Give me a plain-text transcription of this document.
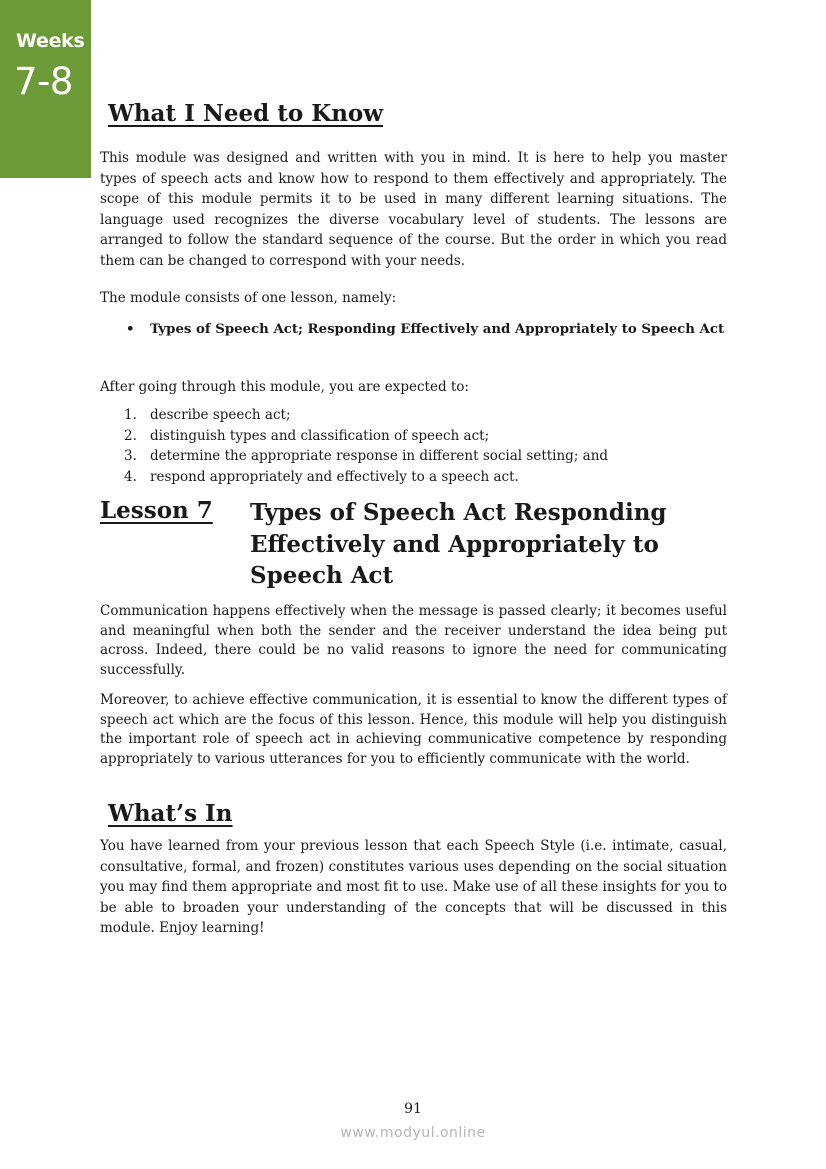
Weeks
7-8
What I Need to Know

This module was designed and written with you in mind. It is here to help you master types of speech acts and know how to respond to them effectively and appropriately. The scope of this module permits it to be used in many different learning situations. The language used recognizes the diverse vocabulary level of students. The lessons are arranged to follow the standard sequence of the course. But the order in which you read them can be changed to correspond with your needs.

The module consists of one lesson, namely:

• Types of Speech Act; Responding Effectively and Appropriately to Speech Act

After going through this module, you are expected to:

1. describe speech act;
2. distinguish types and classification of speech act;
3. determine the appropriate response in different social setting; and
4. respond appropriately and effectively to a speech act.
Lesson 7 Types of Speech Act Responding Effectively and Appropriately to Speech Act

Communication happens effectively when the message is passed clearly; it becomes useful and meaningful when both the sender and the receiver understand the idea being put across. Indeed, there could be no valid reasons to ignore the need for communicating successfully.

Moreover, to achieve effective communication, it is essential to know the different types of speech act which are the focus of this lesson. Hence, this module will help you distinguish the important role of speech act in achieving communicative competence by responding appropriately to various utterances for you to efficiently communicate with the world.

What’s In

You have learned from your previous lesson that each Speech Style (i.e. intimate, casual, consultative, formal, and frozen) constitutes various uses depending on the social situation you may find them appropriate and most fit to use. Make use of all these insights for you to be able to broaden your understanding of the concepts that will be discussed in this module. Enjoy learning!

91
www.modyul.online
